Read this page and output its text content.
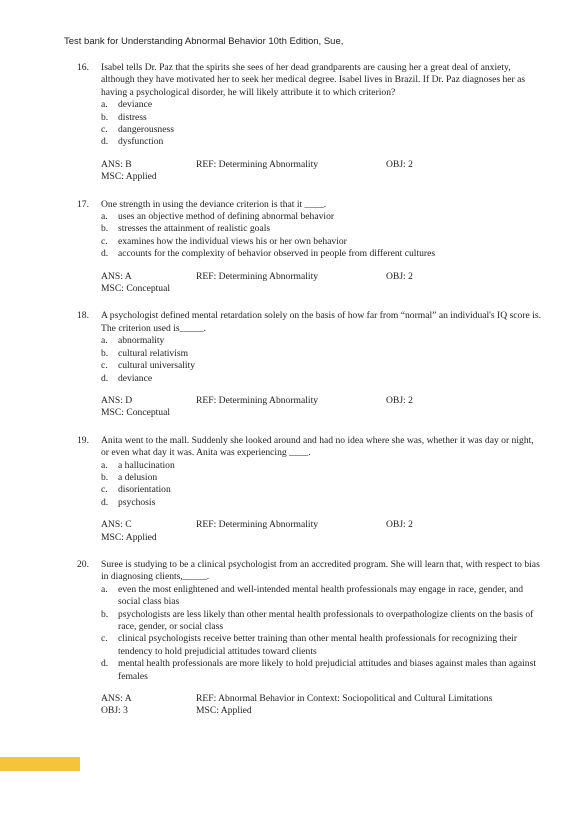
Test bank for Understanding Abnormal Behavior 10th Edition, Sue,
16. Isabel tells Dr. Paz that the spirits she sees of her dead grandparents are causing her a great deal of anxiety, although they have motivated her to seek her medical degree. Isabel lives in Brazil. If Dr. Paz diagnoses her as having a psychological disorder, he will likely attribute it to which criterion?
a. deviance
b. distress
c. dangerousness
d. dysfunction
ANS: B	REF: Determining Abnormality	OBJ: 2
MSC: Applied
17. One strength in using the deviance criterion is that it ____.
a. uses an objective method of defining abnormal behavior
b. stresses the attainment of realistic goals
c. examines how the individual views his or her own behavior
d. accounts for the complexity of behavior observed in people from different cultures
ANS: A	REF: Determining Abnormality	OBJ: 2
MSC: Conceptual
18. A psychologist defined mental retardation solely on the basis of how far from “normal” an individual's IQ score is. The criterion used is_____.
a. abnormality
b. cultural relativism
c. cultural universality
d. deviance
ANS: D	REF: Determining Abnormality	OBJ: 2
MSC: Conceptual
19. Anita went to the mall. Suddenly she looked around and had no idea where she was, whether it was day or night, or even what day it was. Anita was experiencing ____.
a. a hallucination
b. a delusion
c. disorientation
d. psychosis
ANS: C	REF: Determining Abnormality	OBJ: 2
MSC: Applied
20. Suree is studying to be a clinical psychologist from an accredited program. She will learn that, with respect to bias in diagnosing clients,_____.
a. even the most enlightened and well-intended mental health professionals may engage in race, gender, and social class bias
b. psychologists are less likely than other mental health professionals to overpathologize clients on the basis of race, gender, or social class
c. clinical psychologists receive better training than other mental health professionals for recognizing their tendency to hold prejudicial attitudes toward clients
d. mental health professionals are more likely to hold prejudicial attitudes and biases against males than against females
ANS: A	REF: Abnormal Behavior in Context: Sociopolitical and Cultural Limitations
OBJ: 3	MSC: Applied
